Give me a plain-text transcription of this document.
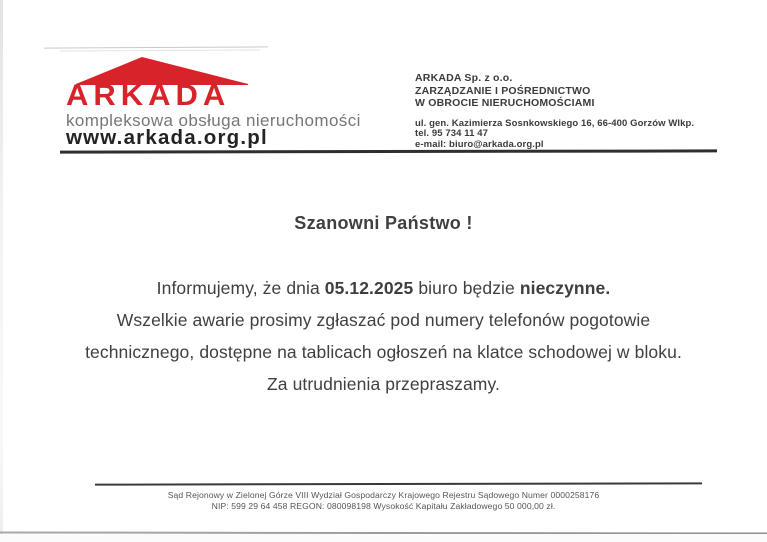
ARKADA
kompleksowa obsługa nieruchomości
www.arkada.org.pl
ARKADA Sp. z o.o.
ZARZĄDZANIE I POŚREDNICTWO
W OBROCIE NIERUCHOMOŚCIAMI
ul. gen. Kazimierza Sosnkowskiego 16, 66-400 Gorzów Wlkp.
tel. 95 734 11 47
e-mail: biuro@arkada.org.pl
Szanowni Państwo !
Informujemy, że dnia 05.12.2025 biuro będzie nieczynne.
Wszelkie awarie prosimy zgłaszać pod numery telefonów pogotowie
technicznego, dostępne na tablicach ogłoszeń na klatce schodowej w bloku.
Za utrudnienia przepraszamy.
Sąd Rejonowy w Zielonej Górze VIII Wydział Gospodarczy Krajowego Rejestru Sądowego Numer 0000258176
NIP: 599 29 64 458 REGON: 080098198 Wysokość Kapitału Zakładowego 50 000,00 zł.
